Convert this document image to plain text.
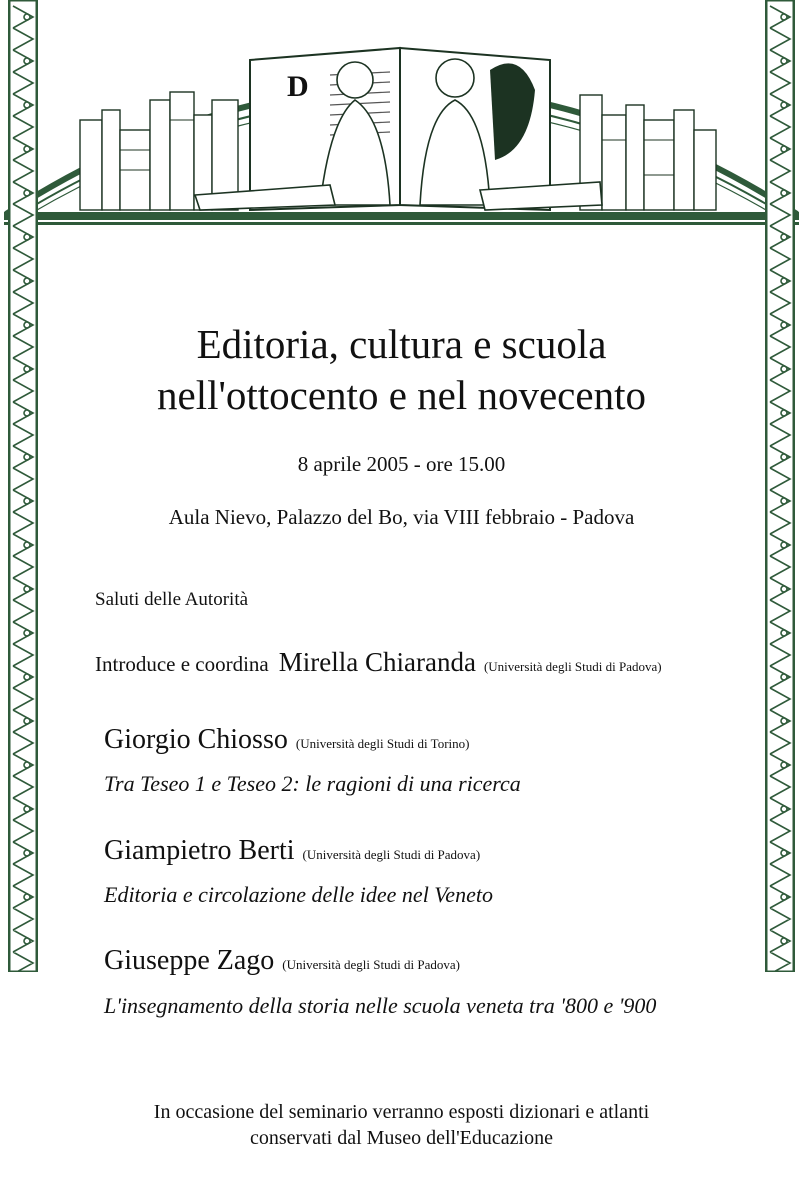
D
Editoria, cultura e scuola
nell'ottocento e nel novecento
8 aprile 2005 - ore 15.00
Aula Nievo, Palazzo del Bo, via VIII febbraio - Padova
Saluti delle Autorità
Introduce e coordina Mirella Chiaranda (Università degli Studi di Padova)
Giorgio Chiosso (Università degli Studi di Torino)
Tra Teseo 1 e Teseo 2: le ragioni di una ricerca
Giampietro Berti (Università degli Studi di Padova)
Editoria e circolazione delle idee nel Veneto
Giuseppe Zago (Università degli Studi di Padova)
L'insegnamento della storia nelle scuola veneta tra '800 e '900
In occasione del seminario verranno esposti dizionari e atlanti
conservati dal Museo dell'Educazione
